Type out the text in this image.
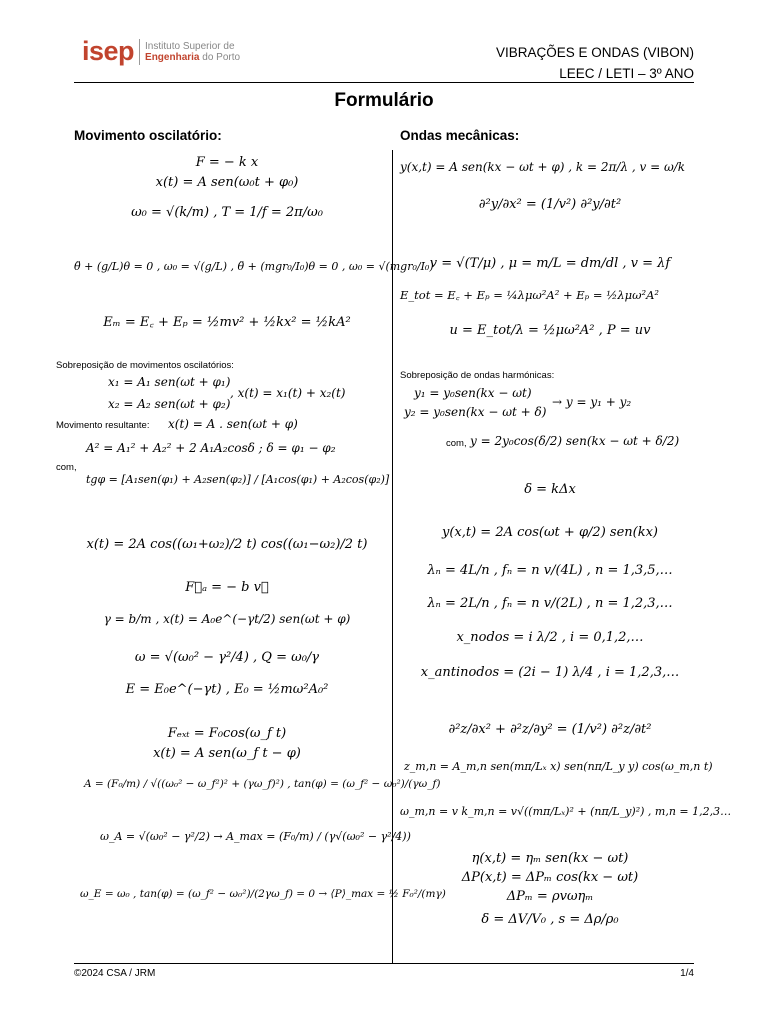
isep Instituto Superior de
Engenharia do Porto	VIBRAÇÕES E ONDAS (VIBON)
LEEC / LETI – 3º ANO
Formulário
Movimento oscilatório:	Ondas mecânicas:
F = − k x
x(t) = A sen(ω₀t + φ₀)
ω₀ = √(k/m) , T = 1/f = 2π/ω₀
θ̈ + (g/L)θ = 0 , ω₀ = √(g/L) , θ̈ + (mgr₀/I₀)θ = 0 , ω₀ = √(mgr₀/I₀)
Eₘ = E꜀ + Eₚ = ½mv² + ½kx² = ½kA²
Sobreposição de movimentos oscilatórios:
x₁ = A₁ sen(ωt + φ₁)
x₂ = A₂ sen(ωt + φ₂)
, x(t) = x₁(t) + x₂(t)
Movimento resultante: x(t) = A . sen(ωt + φ)
com,
A² = A₁² + A₂² + 2 A₁A₂cosδ ; δ = φ₁ − φ₂
tgφ = [A₁sen(φ₁) + A₂sen(φ₂)] / [A₁cos(φ₁) + A₂cos(φ₂)]
x(t) = 2A cos((ω₁+ω₂)/2 t) cos((ω₁−ω₂)/2 t)
F⃗ₐ = − b v⃗
γ = b/m , x(t) = A₀e^(−γt/2) sen(ωt + φ)
ω = √(ω₀² − γ²/4) , Q = ω₀/γ
E = E₀e^(−γt) , E₀ = ½mω²A₀²
Fₑₓₜ = F₀cos(ω_f t)
x(t) = A sen(ω_f t − φ)
A = (F₀/m) / √((ω₀² − ω_f²)² + (γω_f)²) , tan(φ) = (ω_f² − ω₀²)/(γω_f)
ω_A = √(ω₀² − γ²/2) → A_max = (F₀/m) / (γ√(ω₀² − γ²/4))
ω_E = ω₀ , tan(φ) = (ω_f² − ω₀²)/(2γω_f) = 0 → ⟨P⟩_max = ½ F₀²/(mγ)
y(x,t) = A sen(kx − ωt + φ) , k = 2π/λ , v = ω/k
∂²y/∂x² = (1/v²) ∂²y/∂t²
v = √(T/μ) , μ = m/L = dm/dl , v = λf
E_tot = E꜀ + Eₚ = ¼λμω²A² + Eₚ = ½λμω²A²
u = E_tot/λ = ½μω²A² , P = uv
Sobreposição de ondas harmónicas:
y₁ = y₀sen(kx − ωt)
y₂ = y₀sen(kx − ωt + δ)
→ y = y₁ + y₂
com, y = 2y₀cos(δ/2) sen(kx − ωt + δ/2)
δ = kΔx
y(x,t) = 2A cos(ωt + φ/2) sen(kx)
λₙ = 4L/n , fₙ = n v/(4L) , n = 1,3,5,…
λₙ = 2L/n , fₙ = n v/(2L) , n = 1,2,3,…
x_nodos = i λ/2 , i = 0,1,2,…
x_antinodos = (2i − 1) λ/4 , i = 1,2,3,…
∂²z/∂x² + ∂²z/∂y² = (1/v²) ∂²z/∂t²
z_m,n = A_m,n sen(mπ/Lₓ x) sen(nπ/L_y y) cos(ω_m,n t)
ω_m,n = v k_m,n = v√((mπ/Lₓ)² + (nπ/L_y)²) , m,n = 1,2,3…
η(x,t) = ηₘ sen(kx − ωt)
ΔP(x,t) = ΔPₘ cos(kx − ωt)
ΔPₘ = ρvωηₘ
δ = ΔV/V₀ , s = Δρ/ρ₀
©2024 CSA / JRM	1/4
